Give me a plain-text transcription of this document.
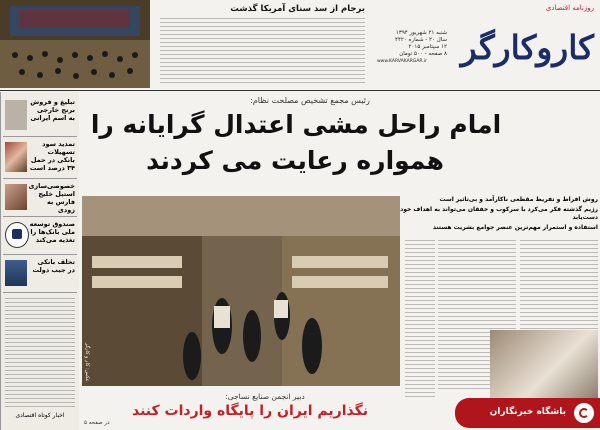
برجام از سد سنای آمریکا گذشت	روزنامه اقتصادی
کاروکارگر
شنبه ۲۱ شهریور ۱۳۹۴
سال ۲۰ - شماره ۴۴۲۰
۱۲ سپتامبر ۲۰۱۵
۸ صفحه - ۵۰۰ تومان
www.KARVAKARGAR.ir
تبلیغ و فروش برنج خارجی به اسم ایرانی
تمدید سود تسهیلات بانکی در حمل ۳۴ درصد است
خصوصی‌سازی استیل خلیج فارس به زودی
صندوق توسعه ملی بانک‌ها را تغذیه می‌کند
تخلف بانکی در جیب دولت
اخبار کوتاه اقتصادی
رئیس مجمع تشخیص مصلحت نظام:
امام راحل مشی اعتدال گرایانه را
همواره رعایت می کردند
روش افراط و تفریط مقطعی ناکارآمد و بی‌تاثیر است
رژیم گذشته فکر می‌کرد با سرکوب و خفقان می‌تواند به اهداف خود دست‌یابد
استفاده و استمرار مهم‌ترین عنصر جوامع بشریت هستند
عکس: کار و کارگر
دبیر انجمن صنایع نساجی:
نگذاریم ایران را پایگاه واردات کنند
در صفحه ۵
باشگاه خبرنگاران
